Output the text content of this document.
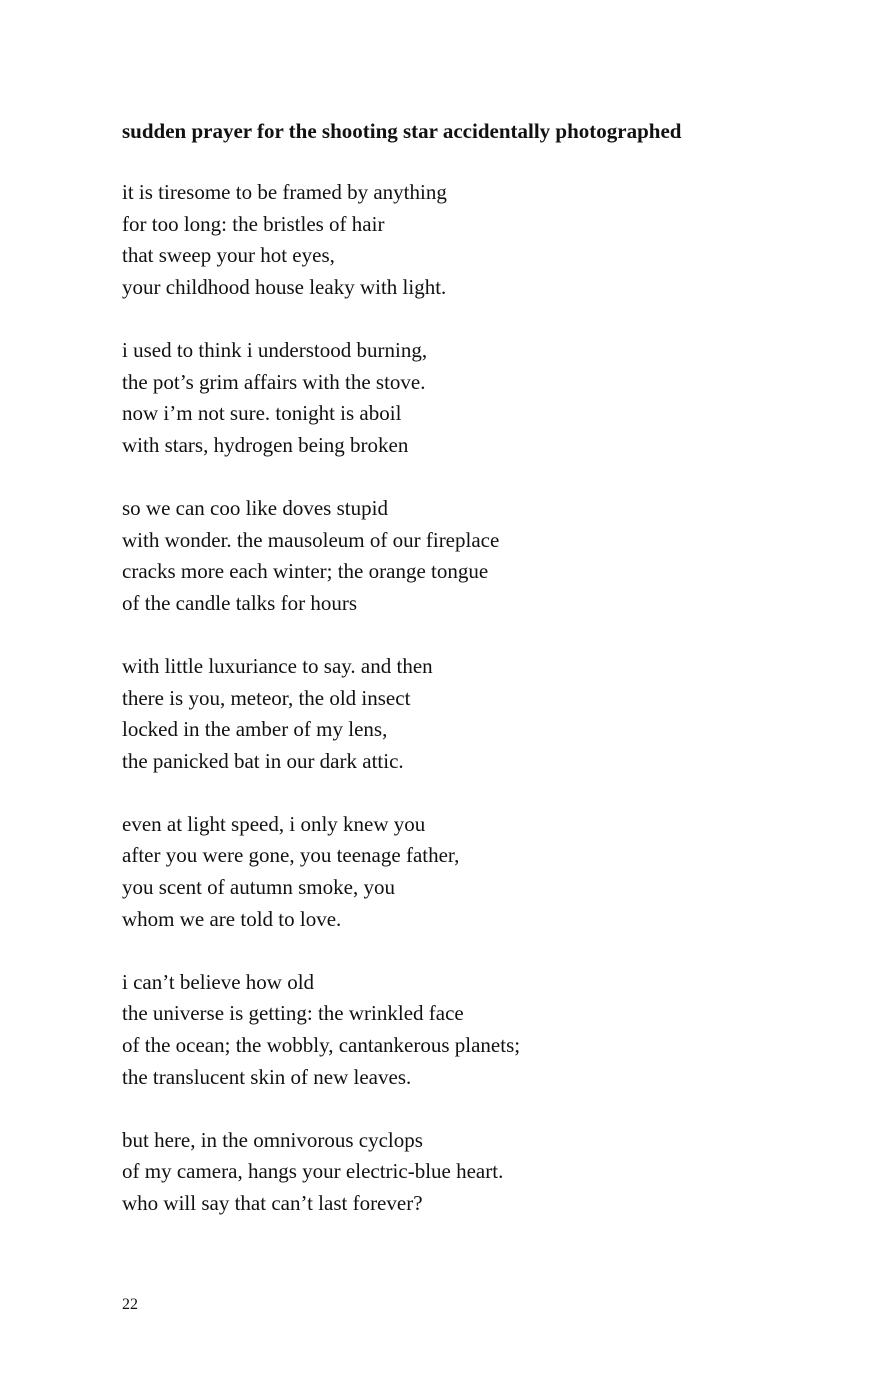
sudden prayer for the shooting star accidentally photographed
it is tiresome to be framed by anything
for too long: the bristles of hair
that sweep your hot eyes,
your childhood house leaky with light.
i used to think i understood burning,
the pot’s grim affairs with the stove.
now i’m not sure. tonight is aboil
with stars, hydrogen being broken
so we can coo like doves stupid
with wonder. the mausoleum of our fireplace
cracks more each winter; the orange tongue
of the candle talks for hours
with little luxuriance to say. and then
there is you, meteor, the old insect
locked in the amber of my lens,
the panicked bat in our dark attic.
even at light speed, i only knew you
after you were gone, you teenage father,
you scent of autumn smoke, you
whom we are told to love.
i can’t believe how old
the universe is getting: the wrinkled face
of the ocean; the wobbly, cantankerous planets;
the translucent skin of new leaves.
but here, in the omnivorous cyclops
of my camera, hangs your electric-blue heart.
who will say that can’t last forever?
22
